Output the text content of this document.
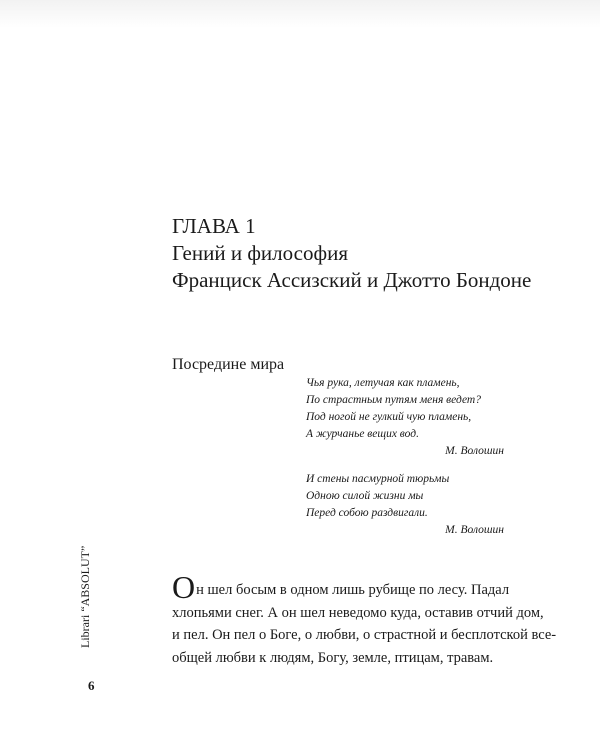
ГЛАВА 1
Гений и философия
Франциск Ассизский и Джотто Бондоне
Посредине мира
Чья рука, летучая как пламень,
По страстным путям меня ведет?
Под ногой не гулкий чую пламень,
А журчанье вещих вод.
М. Волошин
И стены пасмурной тюрьмы
Одною силой жизни мы
Перед собою раздвигали.
М. Волошин
Он шел босым в одном лишь рубище по лесу. Падал
хлопьями снег. А он шел неведомо куда, оставив отчий дом,
и пел. Он пел о Боге, о любви, о страстной и бесплотской все-
общей любви к людям, Богу, земле, птицам, травам.
Librari “ABSOLUT”
6
